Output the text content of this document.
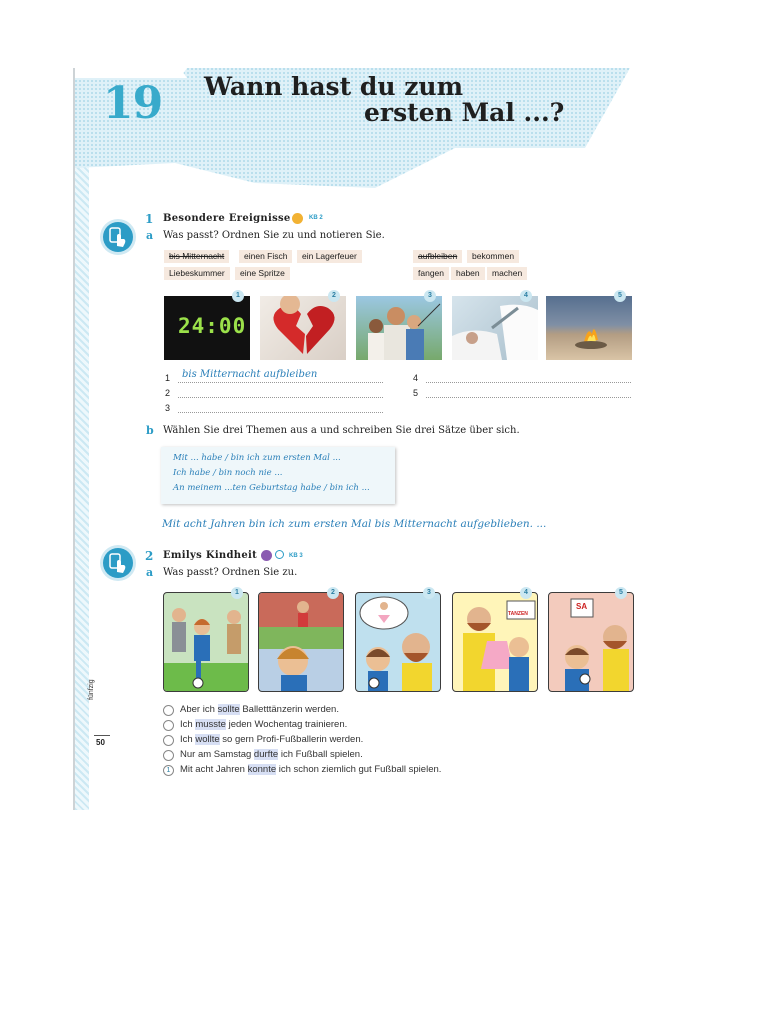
19 Wann hast du zum
ersten Mal ...?
1 Besondere Ereignisse	KB 2
a Was passt? Ordnen Sie zu und notieren Sie.
bis Mitternacht	einen Fisch	ein Lagerfeuer
Liebeskummer	eine Spritze
aufbleiben	bekommen
fangen	haben	machen
24:00
1	2	3	4	5
1
2
3
4
5
bis Mitternacht aufbleiben
b Wählen Sie drei Themen aus a und schreiben Sie drei Sätze über sich.
Mit ... habe / bin ich zum ersten Mal ...
Ich habe / bin noch nie ...
An meinem ...ten Geburtstag habe / bin ich ...
Mit acht Jahren bin ich zum ersten Mal bis Mitternacht aufgeblieben. ...
2 Emilys Kindheit	KB 3
a Was passt? Ordnen Sie zu.
TANZEN
SA
1	2	3	4	5
Aber ich sollte Balletttänzerin werden.
Ich musste jeden Wochentag trainieren.
Ich wollte so gern Profi-Fußballerin werden.
Nur am Samstag durfte ich Fußball spielen.
1	Mit acht Jahren konnte ich schon ziemlich gut Fußball spielen.
fünfzig
50
